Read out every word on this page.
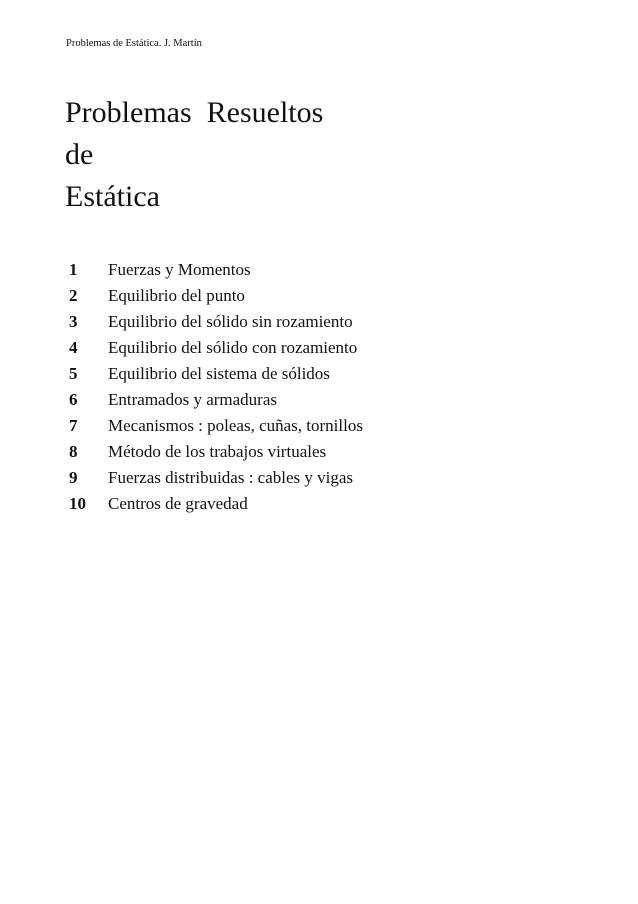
Problemas de Estática. J. Martín
Problemas  Resueltos
de
Estática
1	Fuerzas y Momentos
2	Equilibrio del punto
3	Equilibrio del sólido sin rozamiento
4	Equilibrio del sólido con rozamiento
5	Equilibrio del sistema de sólidos
6	Entramados y armaduras
7	Mecanismos : poleas, cuñas, tornillos
8	Método de los trabajos virtuales
9	Fuerzas distribuidas : cables y vigas
10	Centros de gravedad
